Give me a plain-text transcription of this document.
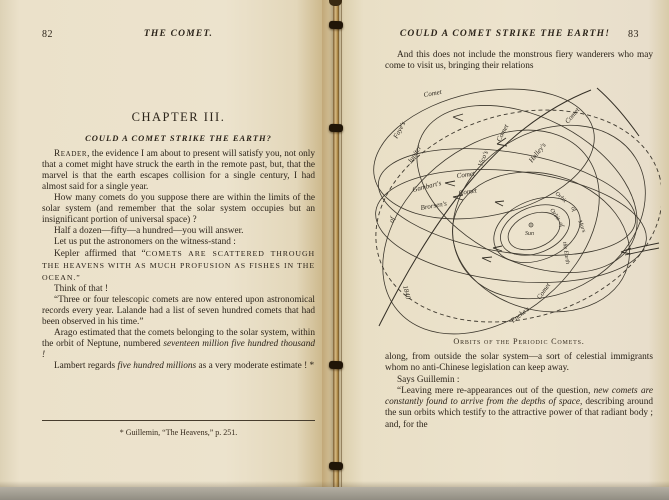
82	THE COMET.
CHAPTER III.
COULD A COMET STRIKE THE EARTH?

Reader, the evidence I am about to present will satisfy you, not only that a comet might have struck the earth in the remote past, but, that the marvel is that the earth escapes collision for a single century, I had almost said for a single year.

How many comets do you suppose there are within the limits of the solar system (and remember that the solar system occupies but an insignificant portion of universal space) ?

Half a dozen—fifty—a hundred—you will answer.

Let us put the astronomers on the witness-stand :

Kepler affirmed that “COMETS ARE SCATTERED THROUGH THE HEAVENS WITH AS MUCH PROFUSION AS FISHES IN THE OCEAN.”

Think of that !

“Three or four telescopic comets are now entered upon astronomical records every year. Lalande had a list of seven hundred comets that had been observed in his time.”

Arago estimated that the comets belonging to the solar system, within the orbit of Neptune, numbered seventeen million five hundred thousand !

Lambert regards five hundred millions as a very moderate estimate ! *

* Guillemin, “The Heavens,” p. 251.
COULD A COMET STRIKE THE EARTH!	83

And this does not include the monstrous fiery wanderers who may come to visit us, bringing their relations

Sun
Comet
Faye's
Jupiter
of
Vico's
Comet
Halley's
Comet
Gambart's
Comet
Brorsen's
Comet	Orbit
of
Mars
Orbit
of
the Earth
1840
Encke's
Comet
Orbits of the Periodic Comets.

along, from outside the solar system—a sort of celestial immigrants whom no anti-Chinese legislation can keep away.

Says Guillemin :

“Leaving mere re-appearances out of the question, new comets are constantly found to arrive from the depths of space, describing around the sun orbits which testify to the attractive power of that radiant body ; and, for the
